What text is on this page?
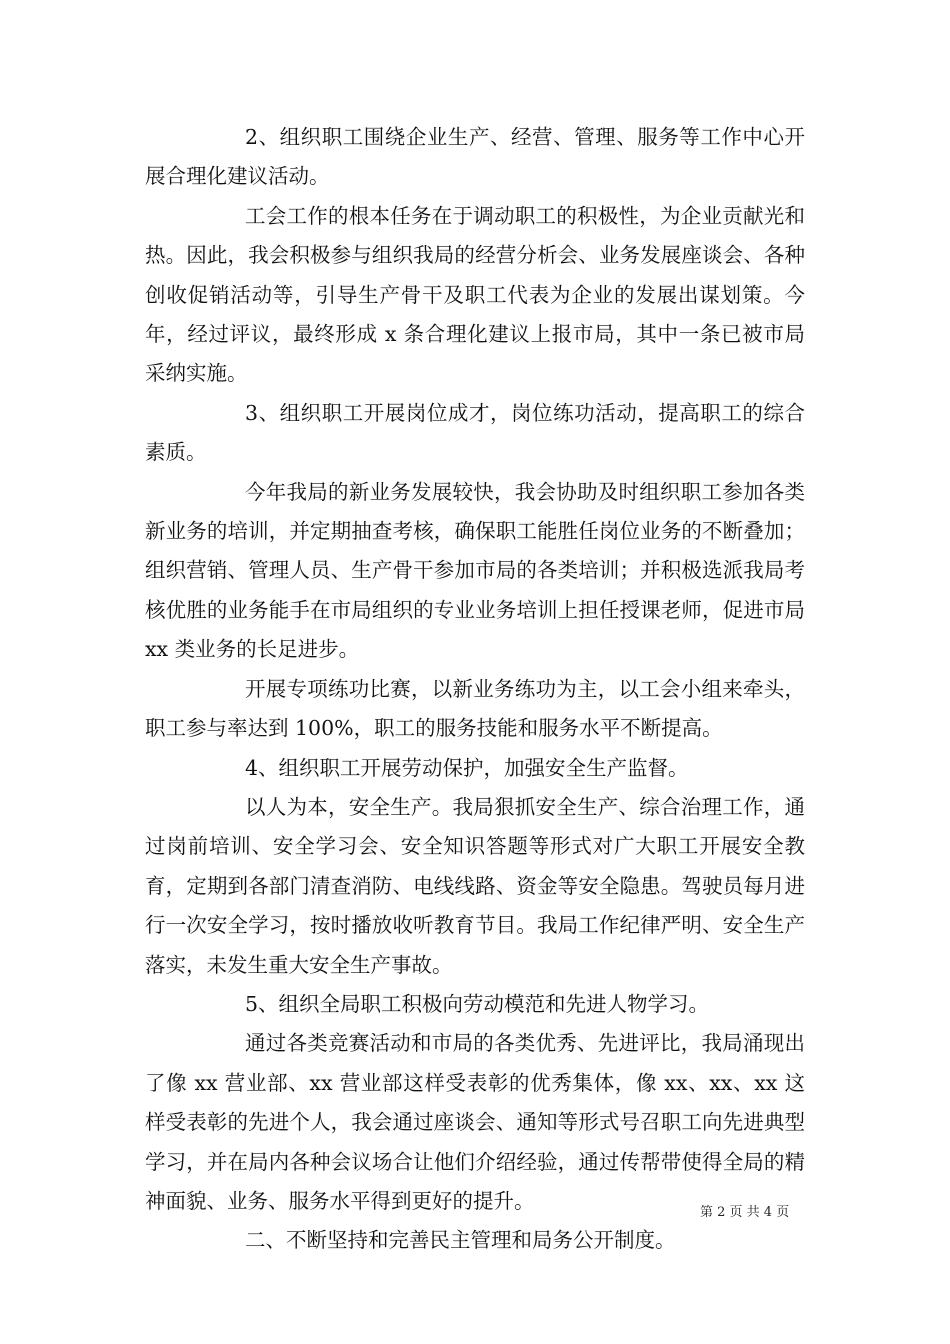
2、组织职工围绕企业生产、经营、管理、服务等工作中心开展合理化建议活动。

工会工作的根本任务在于调动职工的积极性，为企业贡献光和热。因此，我会积极参与组织我局的经营分析会、业务发展座谈会、各种创收促销活动等，引导生产骨干及职工代表为企业的发展出谋划策。今年，经过评议，最终形成 x 条合理化建议上报市局，其中一条已被市局采纳实施。

3、组织职工开展岗位成才，岗位练功活动，提高职工的综合素质。

今年我局的新业务发展较快，我会协助及时组织职工参加各类新业务的培训，并定期抽查考核，确保职工能胜任岗位业务的不断叠加；组织营销、管理人员、生产骨干参加市局的各类培训；并积极选派我局考核优胜的业务能手在市局组织的专业业务培训上担任授课老师，促进市局 xx 类业务的长足进步。

开展专项练功比赛，以新业务练功为主，以工会小组来牵头，职工参与率达到 100%，职工的服务技能和服务水平不断提高。

4、组织职工开展劳动保护，加强安全生产监督。

以人为本，安全生产。我局狠抓安全生产、综合治理工作，通过岗前培训、安全学习会、安全知识答题等形式对广大职工开展安全教育，定期到各部门清查消防、电线线路、资金等安全隐患。驾驶员每月进行一次安全学习，按时播放收听教育节目。我局工作纪律严明、安全生产落实，未发生重大安全生产事故。

5、组织全局职工积极向劳动模范和先进人物学习。

通过各类竞赛活动和市局的各类优秀、先进评比，我局涌现出了像 xx 营业部、xx 营业部这样受表彰的优秀集体，像 xx、xx、xx 这样受表彰的先进个人，我会通过座谈会、通知等形式号召职工向先进典型学习，并在局内各种会议场合让他们介绍经验，通过传帮带使得全局的精神面貌、业务、服务水平得到更好的提升。

二、不断坚持和完善民主管理和局务公开制度。

第 2 页 共 4 页
